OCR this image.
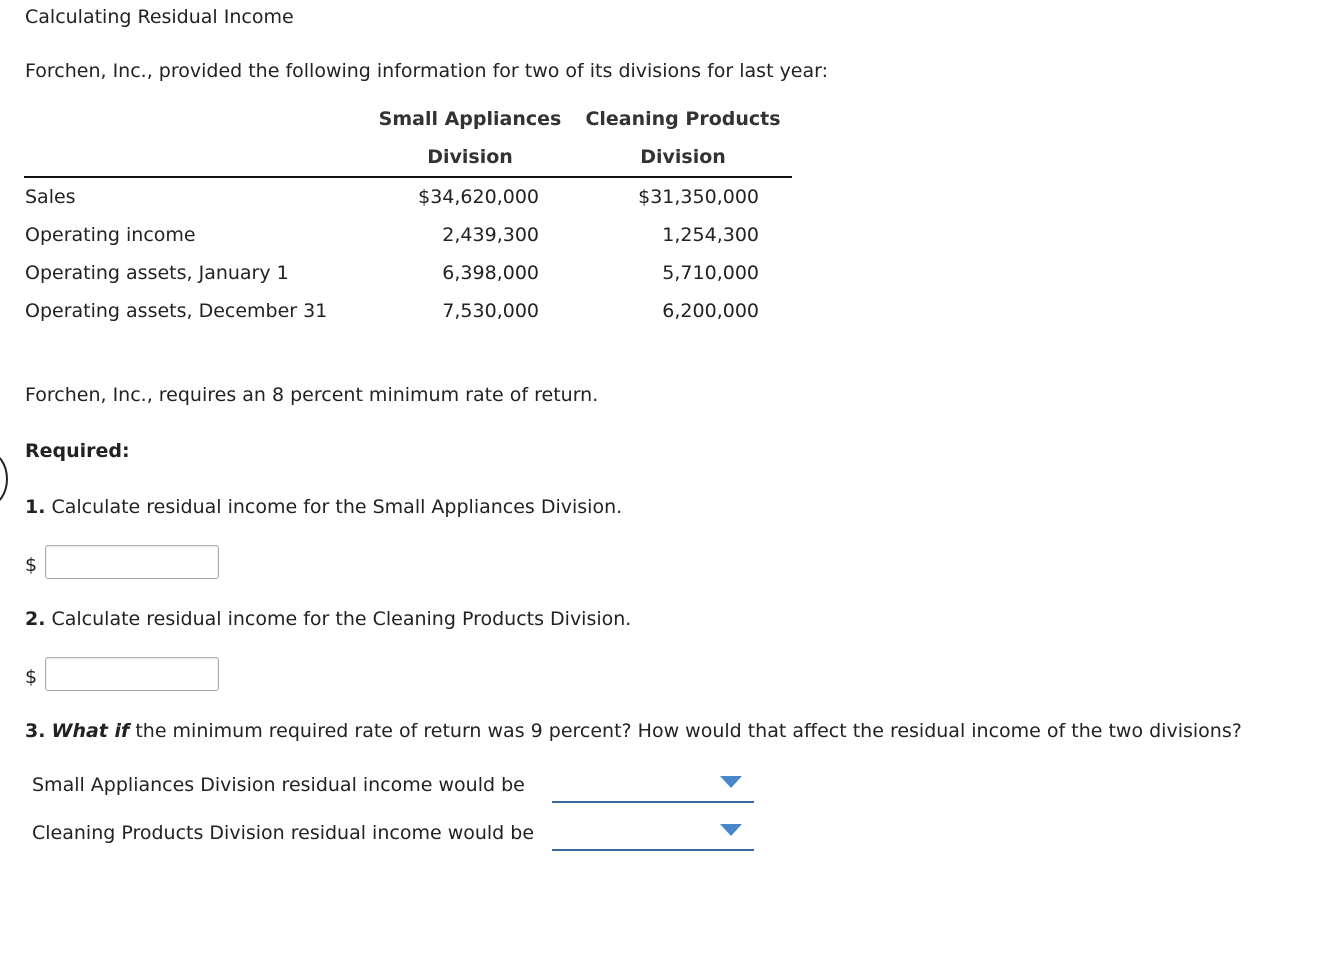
Calculating Residual Income
Forchen, Inc., provided the following information for two of its divisions for last year:
Small Appliances
Division
Cleaning Products
Division
Sales	$34,620,000	$31,350,000
Operating income	2,439,300	1,254,300
Operating assets, January 1	6,398,000	5,710,000
Operating assets, December 31	7,530,000	6,200,000
Forchen, Inc., requires an 8 percent minimum rate of return.
Required:
1. Calculate residual income for the Small Appliances Division.
$
2. Calculate residual income for the Cleaning Products Division.
$
3. What if the minimum required rate of return was 9 percent? How would that affect the residual income of the two divisions?
Small Appliances Division residual income would be
Cleaning Products Division residual income would be
